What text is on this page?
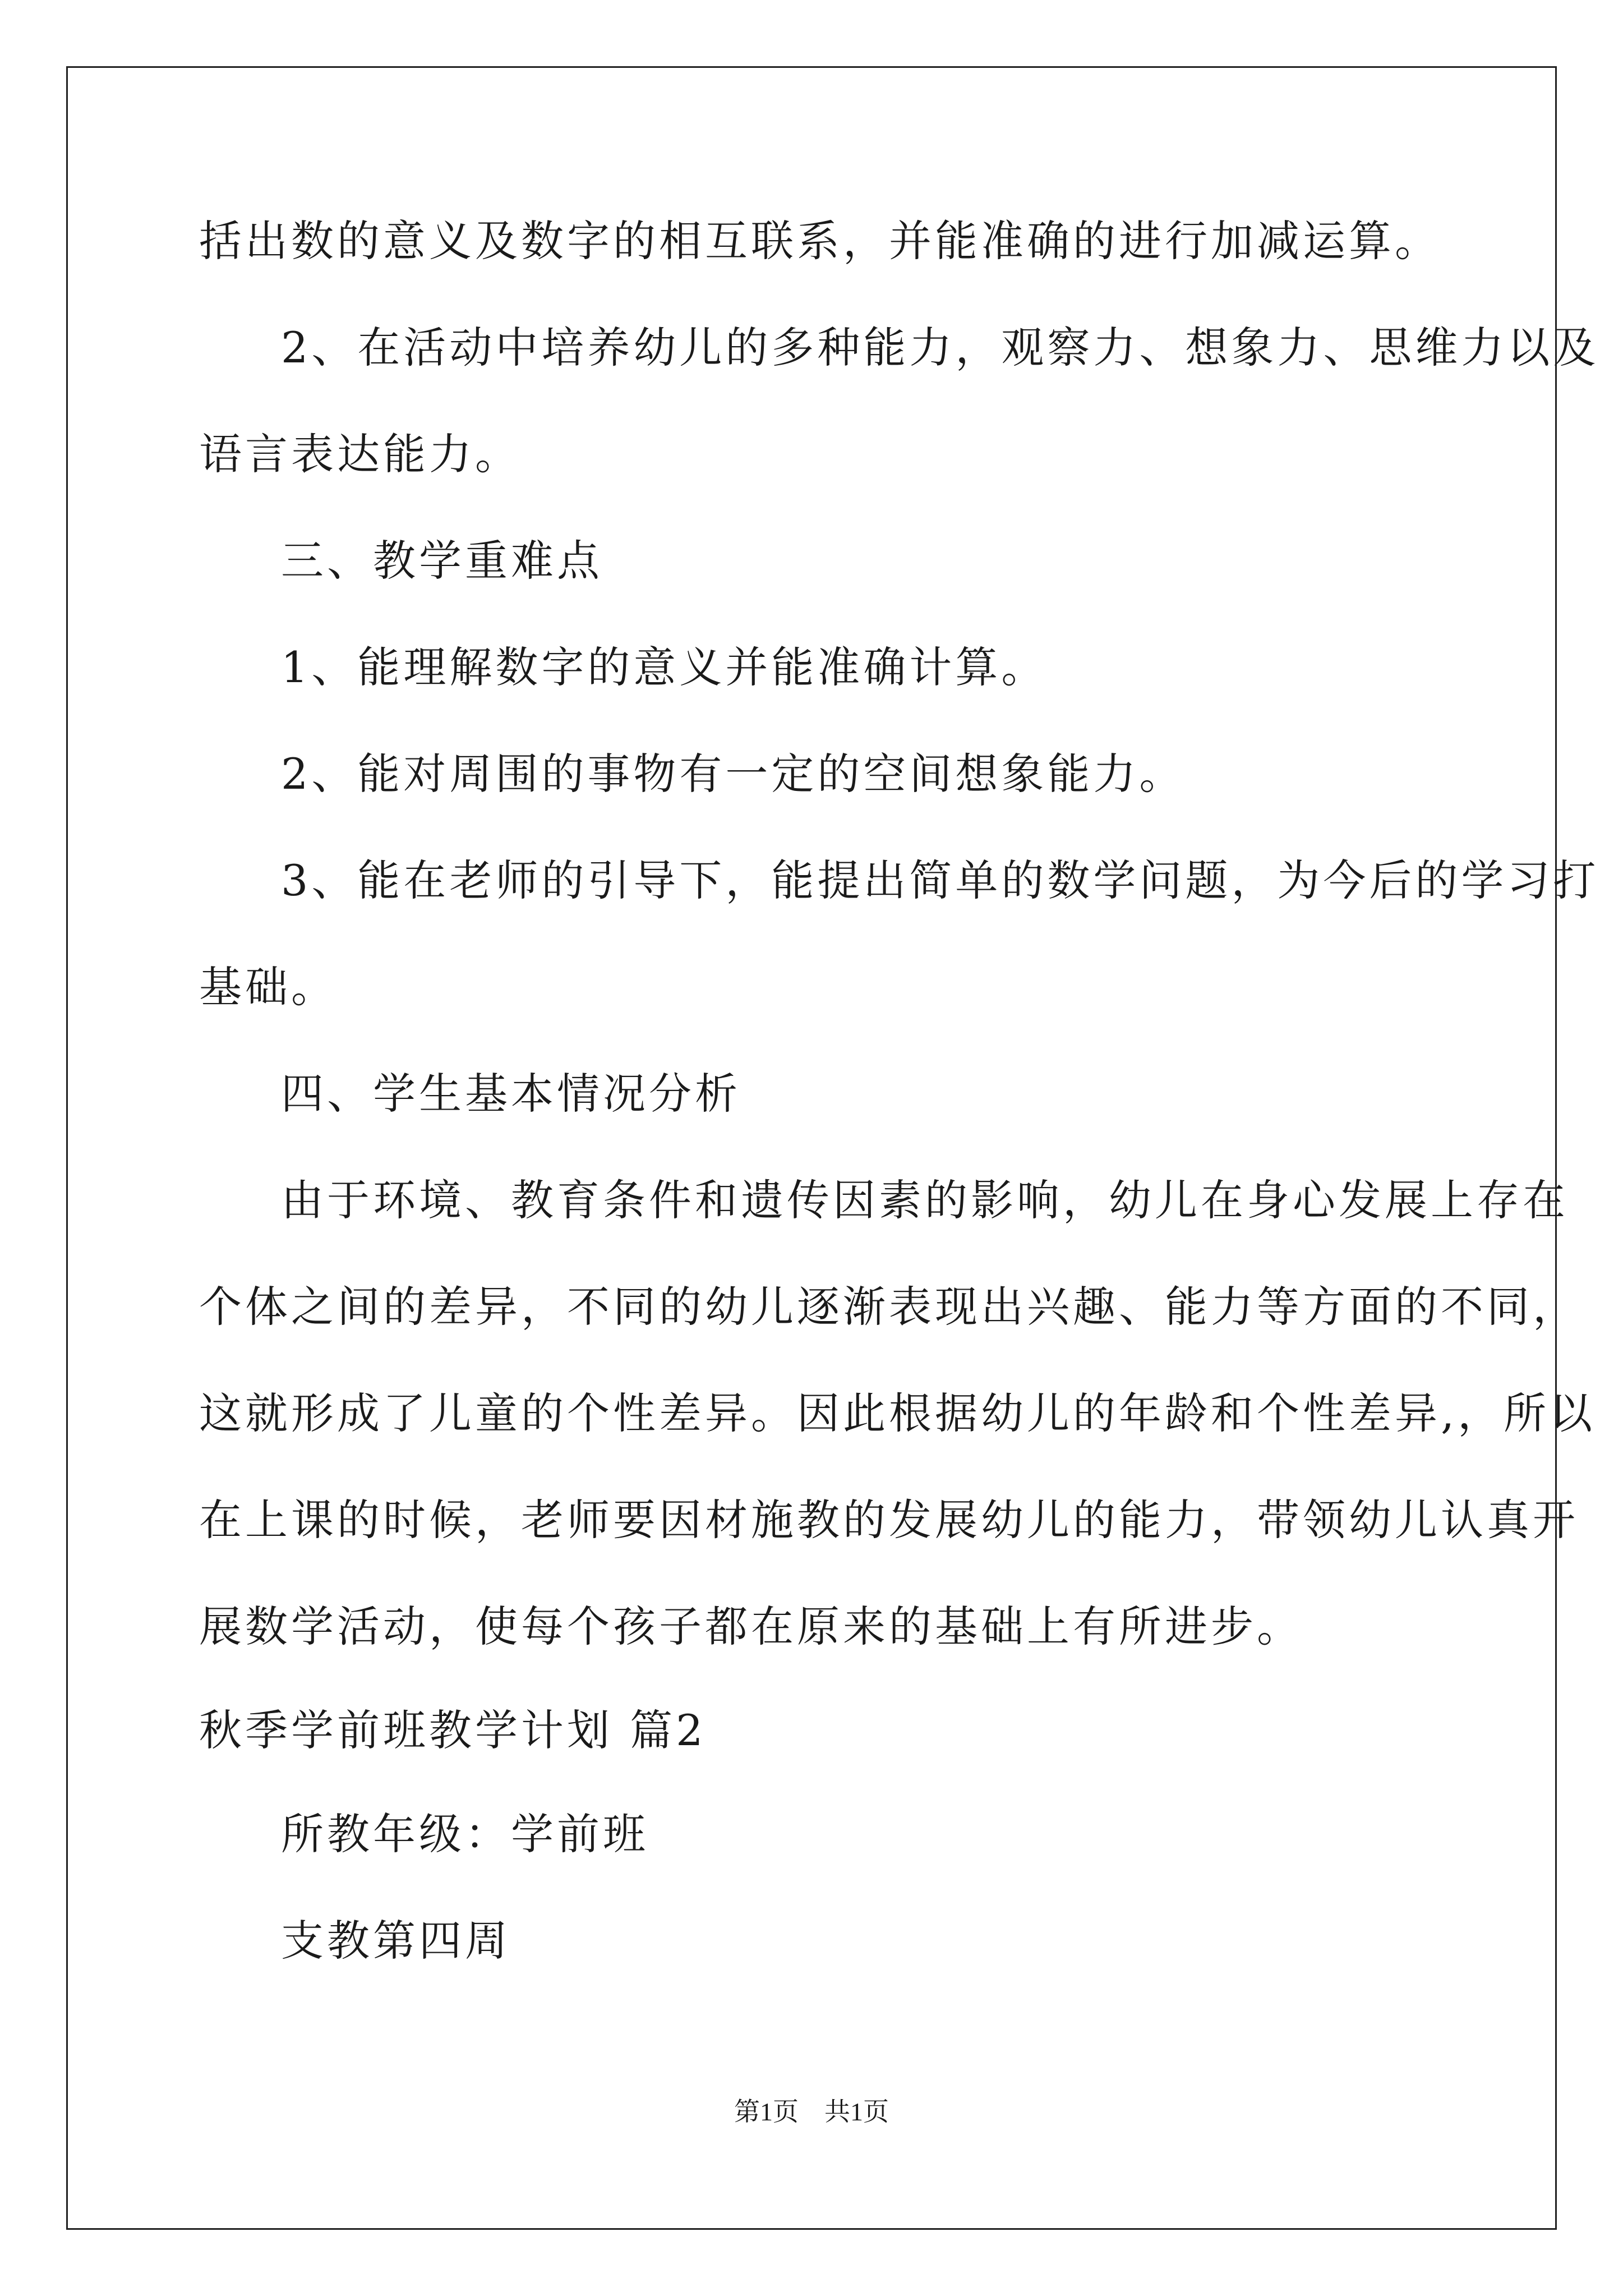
括出数的意义及数字的相互联系，并能准确的进行加减运算。
2、在活动中培养幼儿的多种能力，观察力、想象力、思维力以及
语言表达能力。
三、教学重难点
1、能理解数字的意义并能准确计算。
2、能对周围的事物有一定的空间想象能力。
3、能在老师的引导下，能提出简单的数学问题，为今后的学习打
基础。
四、学生基本情况分析
由于环境、教育条件和遗传因素的影响，幼儿在身心发展上存在
个体之间的差异，不同的幼儿逐渐表现出兴趣、能力等方面的不同，
这就形成了儿童的个性差异。因此根据幼儿的年龄和个性差异,，所以
在上课的时候，老师要因材施教的发展幼儿的能力，带领幼儿认真开
展数学活动，使每个孩子都在原来的基础上有所进步。
秋季学前班教学计划 篇2
所教年级：学前班
支教第四周
第1页　共1页
